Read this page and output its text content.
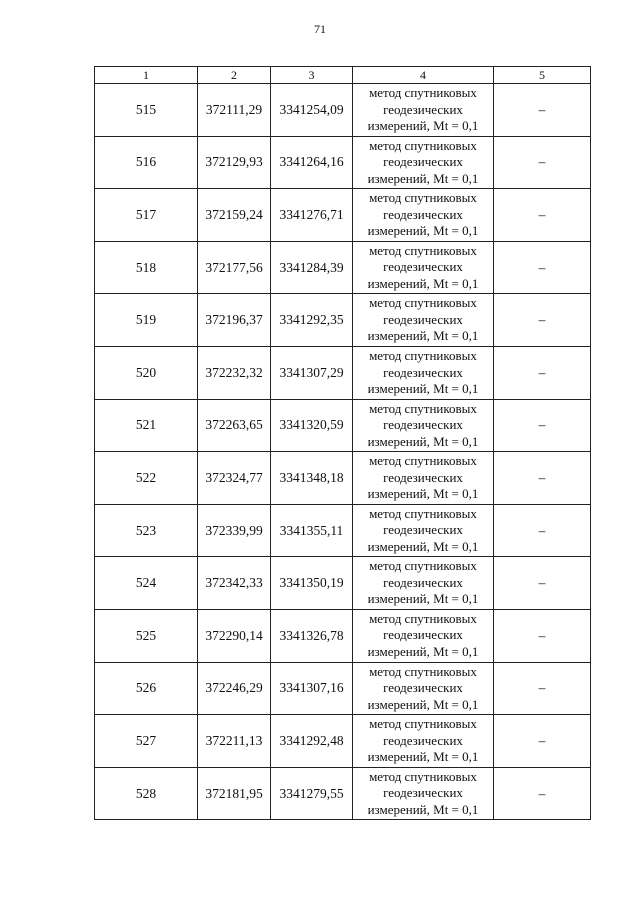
71
1	2	3	4	5
515	372111,29	3341254,09	метод спутниковых
геодезических
измерений, Mt = 0,1	–
516	372129,93	3341264,16	метод спутниковых
геодезических
измерений, Mt = 0,1	–
517	372159,24	3341276,71	метод спутниковых
геодезических
измерений, Mt = 0,1	–
518	372177,56	3341284,39	метод спутниковых
геодезических
измерений, Mt = 0,1	–
519	372196,37	3341292,35	метод спутниковых
геодезических
измерений, Mt = 0,1	–
520	372232,32	3341307,29	метод спутниковых
геодезических
измерений, Mt = 0,1	–
521	372263,65	3341320,59	метод спутниковых
геодезических
измерений, Mt = 0,1	–
522	372324,77	3341348,18	метод спутниковых
геодезических
измерений, Mt = 0,1	–
523	372339,99	3341355,11	метод спутниковых
геодезических
измерений, Mt = 0,1	–
524	372342,33	3341350,19	метод спутниковых
геодезических
измерений, Mt = 0,1	–
525	372290,14	3341326,78	метод спутниковых
геодезических
измерений, Mt = 0,1	–
526	372246,29	3341307,16	метод спутниковых
геодезических
измерений, Mt = 0,1	–
527	372211,13	3341292,48	метод спутниковых
геодезических
измерений, Mt = 0,1	–
528	372181,95	3341279,55	метод спутниковых
геодезических
измерений, Mt = 0,1	–
